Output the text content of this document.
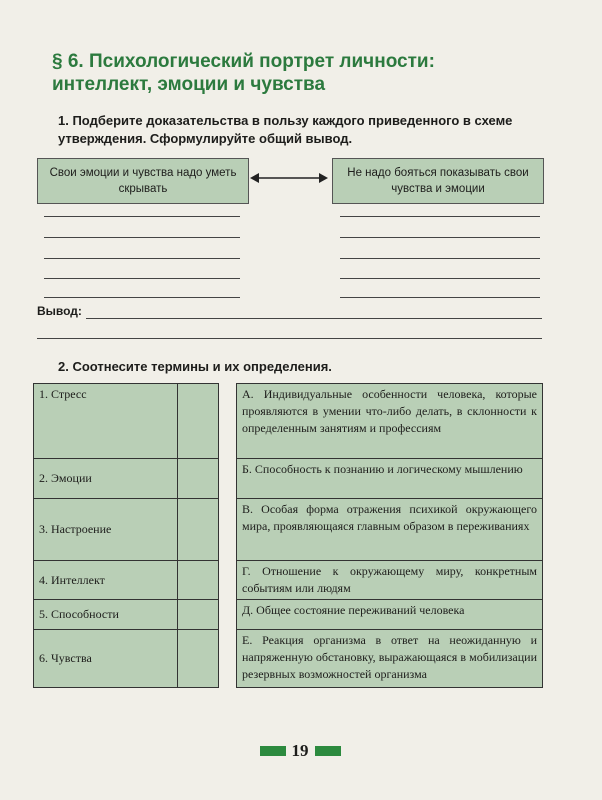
§ 6. Психологический портрет личности:
интеллект, эмоции и чувства
1. Подберите доказательства в пользу каждого приведенного в схеме утверждения. Сформулируйте общий вывод.
Свои эмоции и чувства надо уметь скрывать
Не надо бояться показывать свои чувства и эмоции
Вывод:
2. Соотнесите термины и их определения.
1. Стресс			А. Индивидуальные особенности человека, которые проявляются в умении что-либо делать, в склонности к определенным занятиям и профессиям
2. Эмоции			Б. Способность к познанию и логическому мышлению
3. Настроение			В. Особая форма отражения психикой окружающего мира, проявляющаяся главным образом в переживаниях
4. Интеллект			Г. Отношение к окружающему миру, конкретным событиям или людям
5. Способности			Д. Общее состояние переживаний человека
6. Чувства			Е. Реакция организма в ответ на неожиданную и напряженную обстановку, выражающаяся в мобилизации резервных возможностей организма
19
